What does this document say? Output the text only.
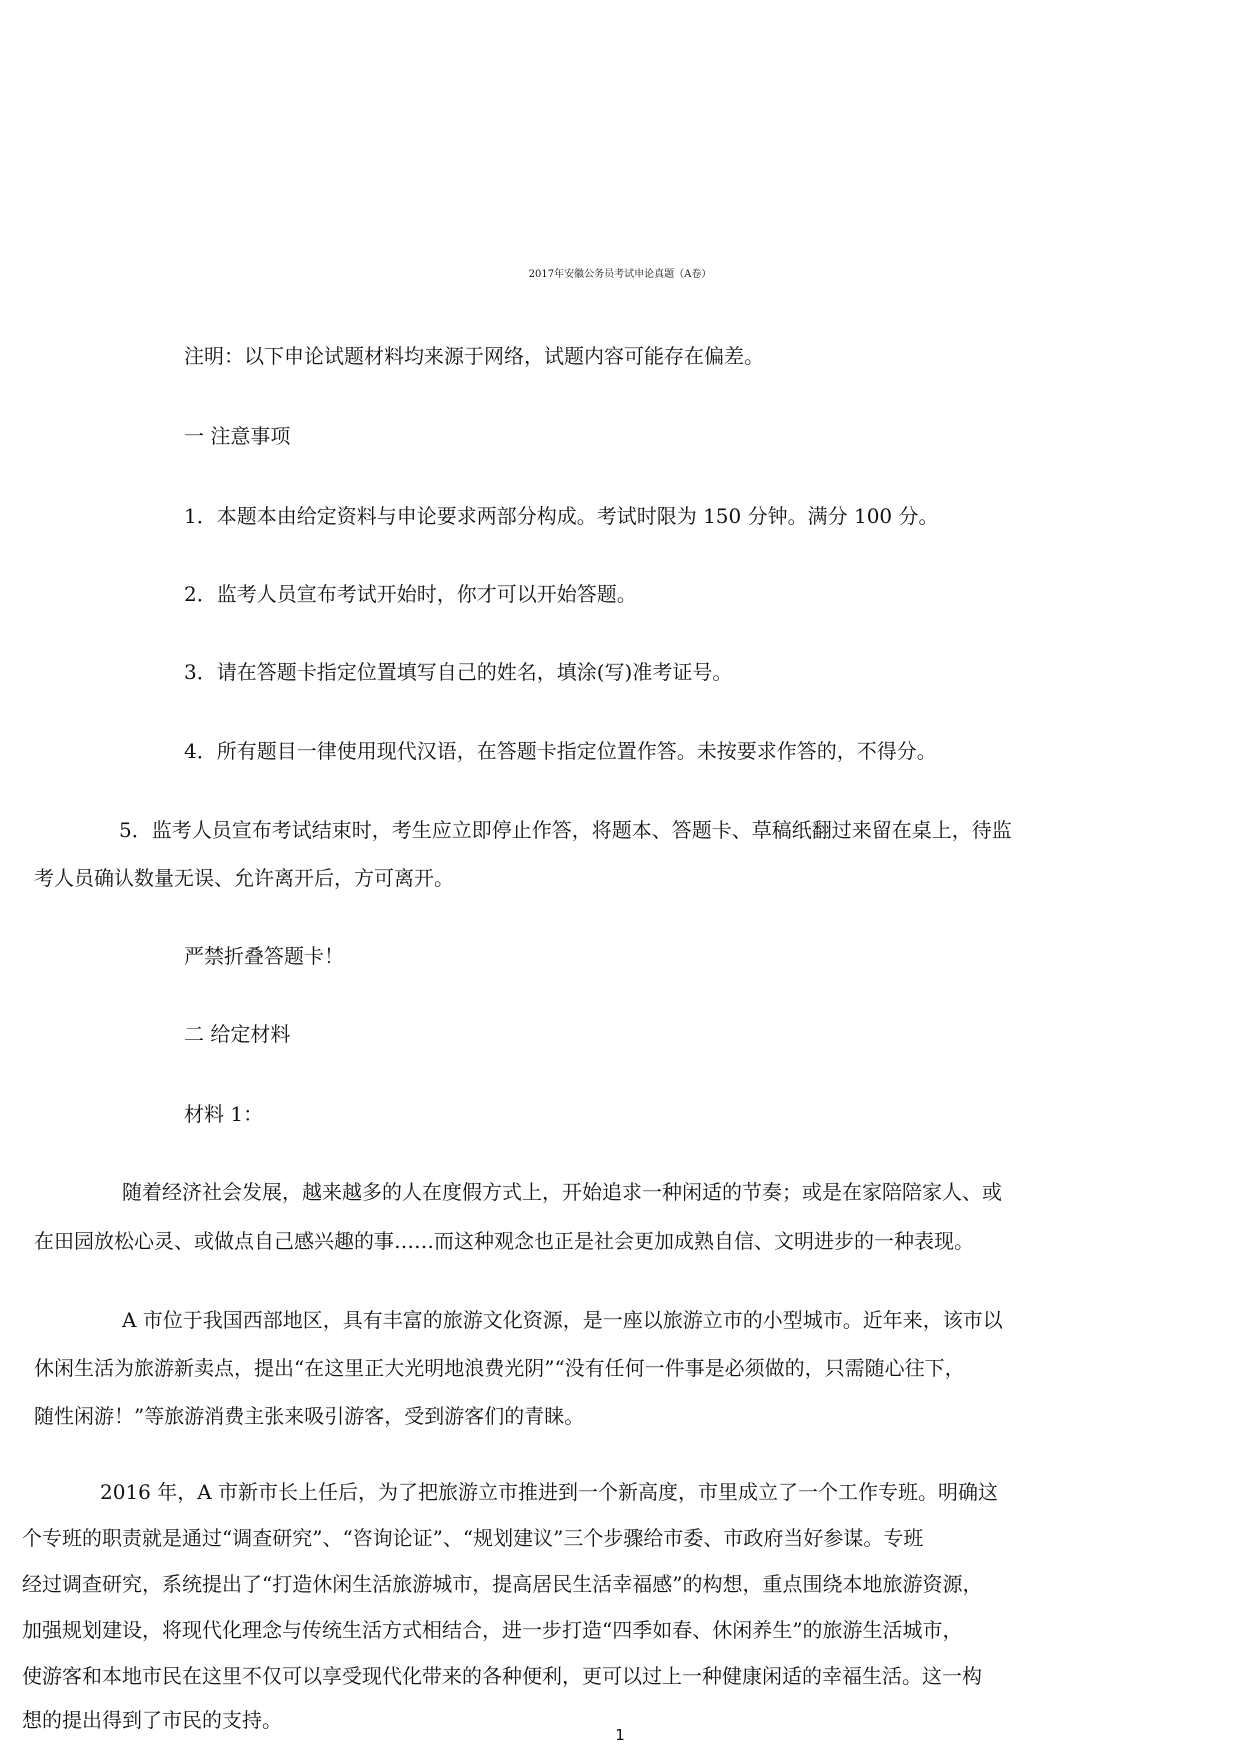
2017年安徽公务员考试申论真题（A卷）
注明：以下申论试题材料均来源于网络，试题内容可能存在偏差。
一 注意事项
1．本题本由给定资料与申论要求两部分构成。考试时限为 150 分钟。满分 100 分。
2．监考人员宣布考试开始时，你才可以开始答题。
3．请在答题卡指定位置填写自己的姓名，填涂(写)准考证号。
4．所有题目一律使用现代汉语，在答题卡指定位置作答。未按要求作答的，不得分。
5．监考人员宣布考试结束时，考生应立即停止作答，将题本、答题卡、草稿纸翻过来留在桌上，待监
考人员确认数量无误、允许离开后，方可离开。
严禁折叠答题卡！
二 给定材料
材料 1：
随着经济社会发展，越来越多的人在度假方式上，开始追求一种闲适的节奏；或是在家陪陪家人、或
在田园放松心灵、或做点自己感兴趣的事……而这种观念也正是社会更加成熟自信、文明进步的一种表现。
A 市位于我国西部地区，具有丰富的旅游文化资源，是一座以旅游立市的小型城市。近年来，该市以
休闲生活为旅游新卖点，提出“在这里正大光明地浪费光阴”“没有任何一件事是必须做的，只需随心往下，
随性闲游！”等旅游消费主张来吸引游客，受到游客们的青睐。
2016 年，A 市新市长上任后，为了把旅游立市推进到一个新高度，市里成立了一个工作专班。明确这
个专班的职责就是通过“调查研究”、“咨询论证”、“规划建议”三个步骤给市委、市政府当好参谋。专班
经过调查研究，系统提出了“打造休闲生活旅游城市，提高居民生活幸福感”的构想，重点围绕本地旅游资源，
加强规划建设，将现代化理念与传统生活方式相结合，进一步打造“四季如春、休闲养生”的旅游生活城市，
使游客和本地市民在这里不仅可以享受现代化带来的各种便利，更可以过上一种健康闲适的幸福生活。这一构
想的提出得到了市民的支持。
1
